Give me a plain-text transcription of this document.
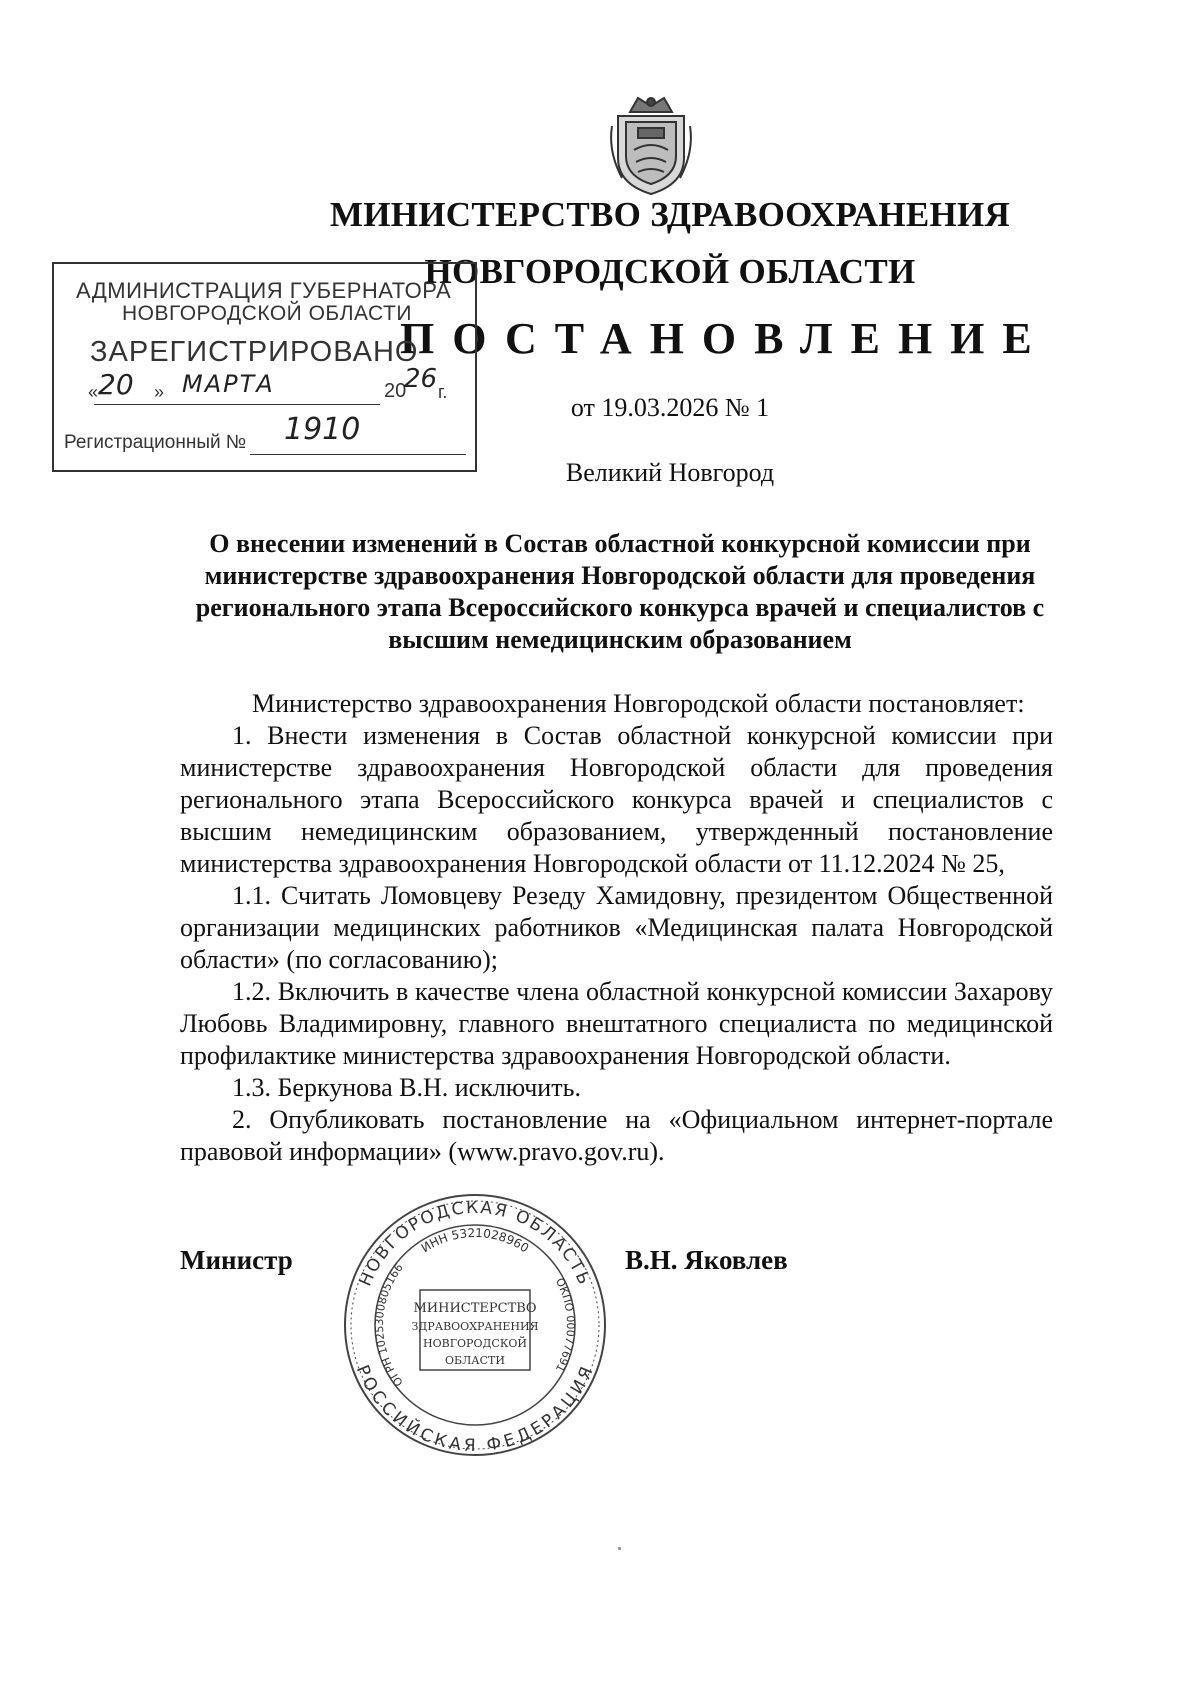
МИНИСТЕРСТВО ЗДРАВООХРАНЕНИЯ
НОВГОРОДСКОЙ ОБЛАСТИ
ПОСТАНОВЛЕНИЕ
от 19.03.2026 № 1
Великий Новгород
АДМИНИСТРАЦИЯ ГУБЕРНАТОРА
НОВГОРОДСКОЙ ОБЛАСТИ
ЗАРЕГИСТРИРОВАНО
« 20 » МАРТА	20
26 г.
Регистрационный № 1910
О внесении изменений в Состав областной конкурсной комиссии при министерстве здравоохранения Новгородской области для проведения регионального этапа Всероссийского конкурса врачей и специалистов с высшим немедицинским образованием

Министерство здравоохранения Новгородской области постановляет:

1. Внести изменения в Состав областной конкурсной комиссии при министерстве здравоохранения Новгородской области для проведения регионального этапа Всероссийского конкурса врачей и специалистов с высшим немедицинским образованием, утвержденный постановление министерства здравоохранения Новгородской области от 11.12.2024 № 25,

1.1. Считать Ломовцеву Резеду Хамидовну, президентом Общественной организации медицинских работников «Медицинская палата Новгородской области» (по согласованию);

1.2. Включить в качестве члена областной конкурсной комиссии Захарову Любовь Владимировну, главного внештатного специалиста по медицинской профилактике министерства здравоохранения Новгородской области.

1.3. Беркунова В.Н. исключить.

2. Опубликовать постановление на «Официальном интернет-портале правовой информации» (www.pravo.gov.ru).

Министр	В.Н. Яковлев
НОВГОРОДСКАЯ ОБЛАСТЬ
РОССИЙСКАЯ ФЕДЕРАЦИЯ
ИНН 5321028960
ОГРН 1025300805166
ОКПО 00077691
МИНИСТЕРСТВО
ЗДРАВООХРАНЕНИЯ
НОВГОРОДСКОЙ
ОБЛАСТИ
